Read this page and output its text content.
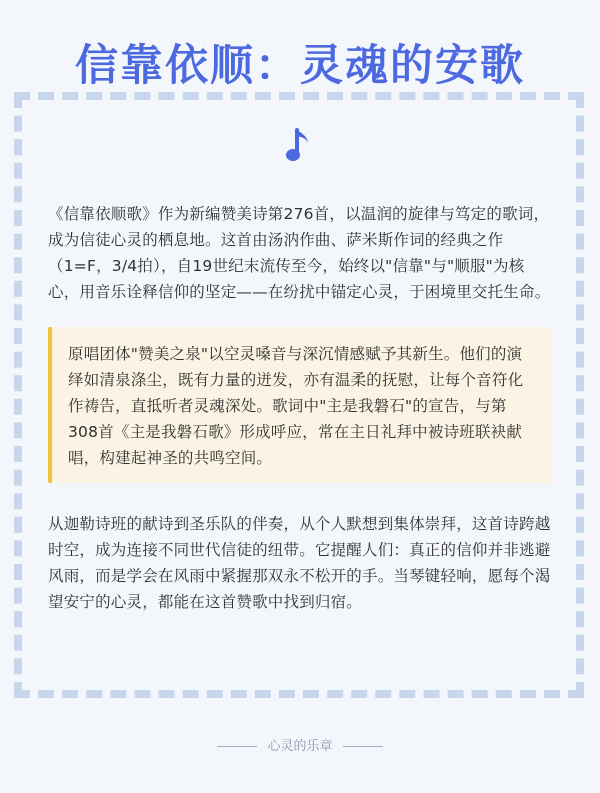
信靠依顺：灵魂的安歌

《信靠依顺歌》作为新编赞美诗第276首，以温润的旋律与笃定的歌词，成为信徒心灵的栖息地。这首由汤汭作曲、萨米斯作词的经典之作（1=F，3/4拍），自19世纪末流传至今，始终以"信靠"与"顺服"为核心，用音乐诠释信仰的坚定——在纷扰中锚定心灵，于困境里交托生命。

原唱团体"赞美之泉"以空灵嗓音与深沉情感赋予其新生。他们的演绎如清泉涤尘，既有力量的迸发，亦有温柔的抚慰，让每个音符化作祷告，直抵听者灵魂深处。歌词中"主是我磐石"的宣告，与第308首《主是我磐石歌》形成呼应，常在主日礼拜中被诗班联袂献唱，构建起神圣的共鸣空间。

从迦勒诗班的献诗到圣乐队的伴奏，从个人默想到集体崇拜，这首诗跨越时空，成为连接不同世代信徒的纽带。它提醒人们：真正的信仰并非逃避风雨，而是学会在风雨中紧握那双永不松开的手。当琴键轻响，愿每个渴望安宁的心灵，都能在这首赞歌中找到归宿。

心灵的乐章
